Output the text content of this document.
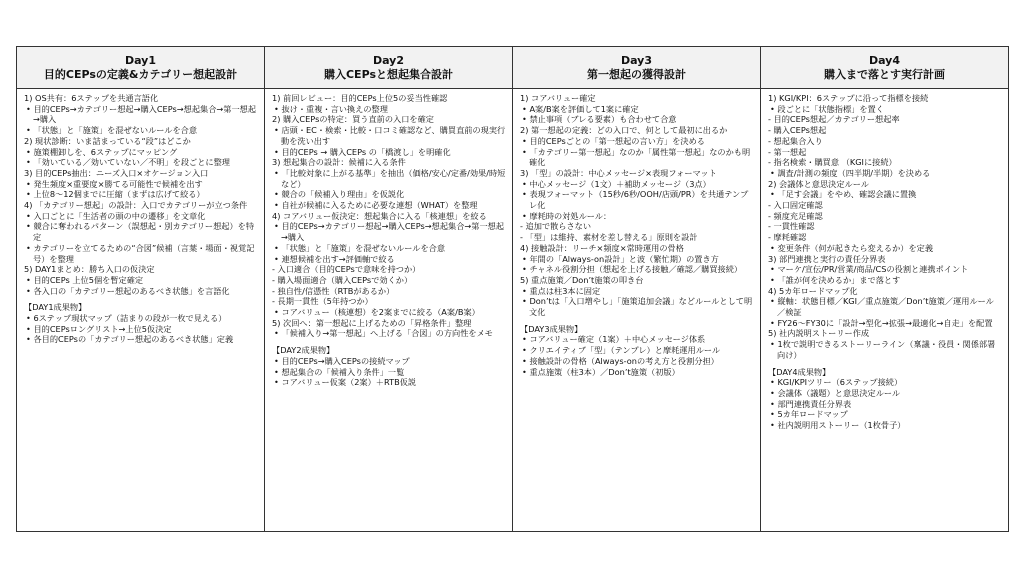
Day1
目的CEPsの定義&カテゴリー想起設計
1) OS共有：6ステップを共通言語化
• 目的CEPs→カテゴリー想起→購入CEPs→想起集合→第一想起→購入
• 「状態」と「施策」を混ぜないルールを合意
2) 現状診断：いま詰まっている“段”はどこか
• 施策棚卸しを、6ステップにマッピング
• 「効いている／効いていない／不明」を段ごとに整理
3) 目的CEPs抽出：ニーズ入口×オケージョン入口
• 発生頻度×重要度×勝てる可能性で候補を出す
• 上位8〜12個までに圧縮（まずは広げて絞る）
4) 「カテゴリー想起」の設計：入口でカテゴリーが立つ条件
• 入口ごとに「生活者の頭の中の遷移」を文章化
• 競合に奪われるパターン（誤想起・別カテゴリー想起）を特定
• カテゴリーを立てるための“合図”候補（言葉・場面・視覚記号）を整理
5) DAY1まとめ：勝ち入口の仮決定
• 目的CEPs 上位5個を暫定確定
• 各入口の「カテゴリー想起のあるべき状態」を言語化
【DAY1成果物】
• 6ステップ現状マップ（詰まりの段が一枚で見える）
• 目的CEPsロングリスト→上位5仮決定
• 各目的CEPsの「カテゴリー想起のあるべき状態」定義
Day2
購入CEPsと想起集合設計
1) 前回レビュー：目的CEPs上位5の妥当性確認
• 抜け・重複・言い換えの整理
2) 購入CEPsの特定：買う直前の入口を確定
• 店頭・EC・検索・比較・口コミ確認など、購買直前の現実行動を洗い出す
• 目的CEPs → 購入CEPs の「橋渡し」を明確化
3) 想起集合の設計：候補に入る条件
• 「比較対象に上がる基準」を抽出（価格/安心/定番/効果/時短など）
• 競合の「候補入り理由」を仮説化
• 自社が候補に入るために必要な連想（WHAT）を整理
4) コアバリュー仮決定：想起集合に入る「核連想」を絞る
• 目的CEPs→カテゴリー想起→購入CEPs→想起集合→第一想起→購入
• 「状態」と「施策」を混ぜないルールを合意
• 連想候補を出す→評価軸で絞る
- 入口適合（目的CEPsで意味を持つか）
- 購入場面適合（購入CEPsで効くか）
- 独自性/信憑性（RTBがあるか）
- 長期一貫性（5年持つか）
• コアバリュー（核連想）を2案までに絞る（A案/B案）
5) 次回へ：第一想起に上げるための「昇格条件」整理
• 「候補入り→第一想起」へ上げる「合図」の方向性をメモ
【DAY2成果物】
• 目的CEPs→購入CEPsの接続マップ
• 想起集合の「候補入り条件」一覧
• コアバリュー仮案（2案）＋RTB仮説
Day3
第一想起の獲得設計
1) コアバリュー確定
• A案/B案を評価して1案に確定
• 禁止事項（ブレる要素）も合わせて合意
2) 第一想起の定義：どの入口で、何として最初に出るか
• 目的CEPsごとの「第一想起の言い方」を決める
• 「カテゴリー第一想起」なのか「属性第一想起」なのかも明確化
3) 「型」の設計：中心メッセージ×表現フォーマット
• 中心メッセージ（1文）＋補助メッセージ（3点）
• 表現フォーマット（15秒/6秒/OOH/店頭/PR）を共通テンプレ化
• 摩耗時の対処ルール：
- 追加で散らさない
- 「型」は維持、素材を差し替える」原則を設計
4) 接触設計：リーチ×頻度×常時運用の骨格
• 年間の「Always-on設計」と波（繁忙期）の置き方
• チャネル役割分担（想起を上げる接触／確認／購買接続）
5) 重点施策／Don’t施策の叩き台
• 重点は柱3本に固定
• Don’tは「入口増やし」「施策追加会議」などルールとして明文化
【DAY3成果物】
• コアバリュー確定（1案）＋中心メッセージ体系
• クリエイティブ「型」（テンプレ）と摩耗運用ルール
• 接触設計の骨格（Always-onの考え方と役割分担）
• 重点施策（柱3本）／Don’t施策（初版）
Day4
購入まで落とす実行計画
1) KGI/KPI：6ステップに沿って指標を接続
• 段ごとに「状態指標」を置く
- 目的CEPs想起／カテゴリー想起率
- 購入CEPs想起
- 想起集合入り
- 第一想起
- 指名検索・購買意 （KGIに接続）
• 調査/計測の頻度（四半期/半期）を決める
2) 会議体と意思決定ルール
• 「足す会議」をやめ、確認会議に置換
- 入口固定確認
- 頻度充足確認
- 一貫性確認
- 摩耗確認
• 変更条件（何が起きたら変えるか）を定義
3) 部門連携と実行の責任分界表
• マーケ/宣伝/PR/営業/商品/CSの役割と連携ポイント
• 「誰が何を決めるか」まで落とす
4) 5カ年ロードマップ化
• 縦軸：状態目標／KGI／重点施策／Don’t施策／運用ルール／検証
• FY26〜FY30に「設計→型化→拡張→最適化→自走」を配置
5) 社内説明ストーリー作成
• 1枚で説明できるストーリーライン（稟議・役員・関係部署向け）
【DAY4成果物】
• KGI/KPIツリー（6ステップ接続）
• 会議体（議題）と意思決定ルール
• 部門連携責任分界表
• 5カ年ロードマップ
• 社内説明用ストーリー（1枚骨子）
